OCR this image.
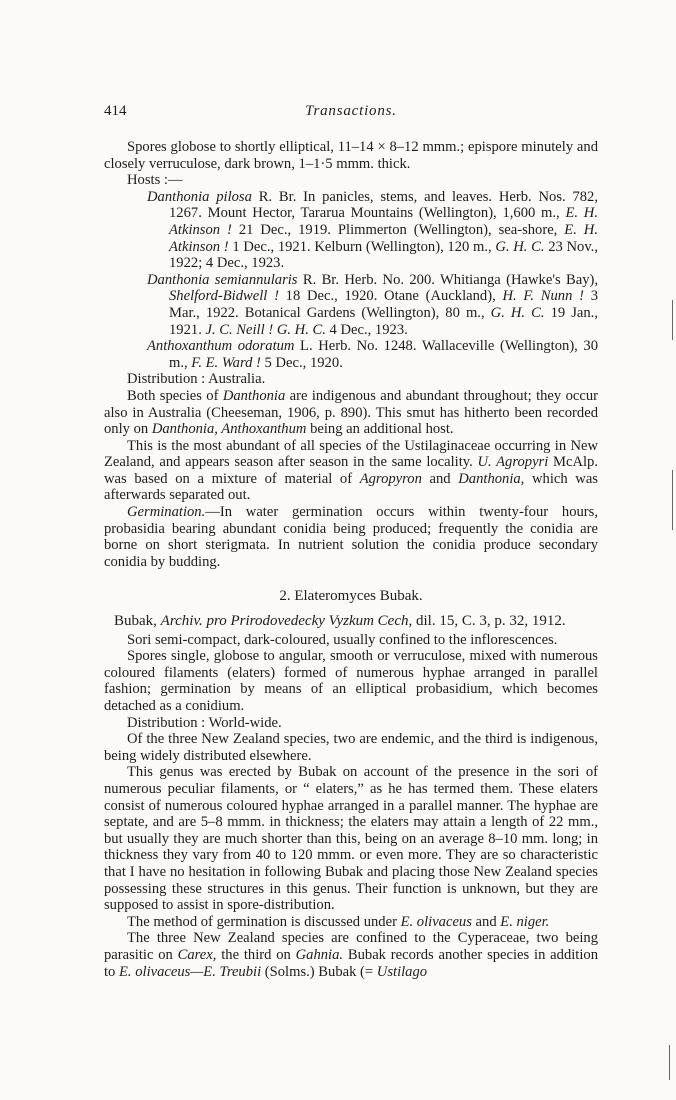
414	Transactions.

Spores globose to shortly elliptical, 11–14 × 8–12 mmm.; epispore minutely and closely verruculose, dark brown, 1–1·5 mmm. thick.

Hosts :—

Danthonia pilosa R. Br. In panicles, stems, and leaves. Herb. Nos. 782, 1267. Mount Hector, Tararua Mountains (Wellington), 1,600 m., E. H. Atkinson ! 21 Dec., 1919. Plimmerton (Wellington), sea-shore, E. H. Atkinson ! 1 Dec., 1921. Kelburn (Wellington), 120 m., G. H. C. 23 Nov., 1922; 4 Dec., 1923.

Danthonia semiannularis R. Br. Herb. No. 200. Whitianga (Hawke's Bay), Shelford-Bidwell ! 18 Dec., 1920. Otane (Auckland), H. F. Nunn ! 3 Mar., 1922. Botanical Gardens (Wellington), 80 m., G. H. C. 19 Jan., 1921. J. C. Neill ! G. H. C. 4 Dec., 1923.

Anthoxanthum odoratum L. Herb. No. 1248. Wallaceville (Wellington), 30 m., F. E. Ward ! 5 Dec., 1920.

Distribution : Australia.

Both species of Danthonia are indigenous and abundant throughout; they occur also in Australia (Cheeseman, 1906, p. 890). This smut has hitherto been recorded only on Danthonia, Anthoxanthum being an additional host.

This is the most abundant of all species of the Ustilaginaceae occurring in New Zealand, and appears season after season in the same locality. U. Agropyri McAlp. was based on a mixture of material of Agropyron and Danthonia, which was afterwards separated out.

Germination.—In water germination occurs within twenty-four hours, probasidia bearing abundant conidia being produced; frequently the conidia are borne on short sterigmata. In nutrient solution the conidia produce secondary conidia by budding.

2. Elateromyces Bubak.

Bubak, Archiv. pro Prirodovedecky Vyzkum Cech, dil. 15, C. 3, p. 32, 1912.

Sori semi-compact, dark-coloured, usually confined to the inflorescences.

Spores single, globose to angular, smooth or verruculose, mixed with numerous coloured filaments (elaters) formed of numerous hyphae arranged in parallel fashion; germination by means of an elliptical probasidium, which becomes detached as a conidium.

Distribution : World-wide.

Of the three New Zealand species, two are endemic, and the third is indigenous, being widely distributed elsewhere.

This genus was erected by Bubak on account of the presence in the sori of numerous peculiar filaments, or “ elaters,” as he has termed them. These elaters consist of numerous coloured hyphae arranged in a parallel manner. The hyphae are septate, and are 5–8 mmm. in thickness; the elaters may attain a length of 22 mm., but usually they are much shorter than this, being on an average 8–10 mm. long; in thickness they vary from 40 to 120 mmm. or even more. They are so characteristic that I have no hesitation in following Bubak and placing those New Zealand species possessing these structures in this genus. Their function is unknown, but they are supposed to assist in spore-distribution.

The method of germination is discussed under E. olivaceus and E. niger.

The three New Zealand species are confined to the Cyperaceae, two being parasitic on Carex, the third on Gahnia. Bubak records another species in addition to E. olivaceus—E. Treubii (Solms.) Bubak (= Ustilago
